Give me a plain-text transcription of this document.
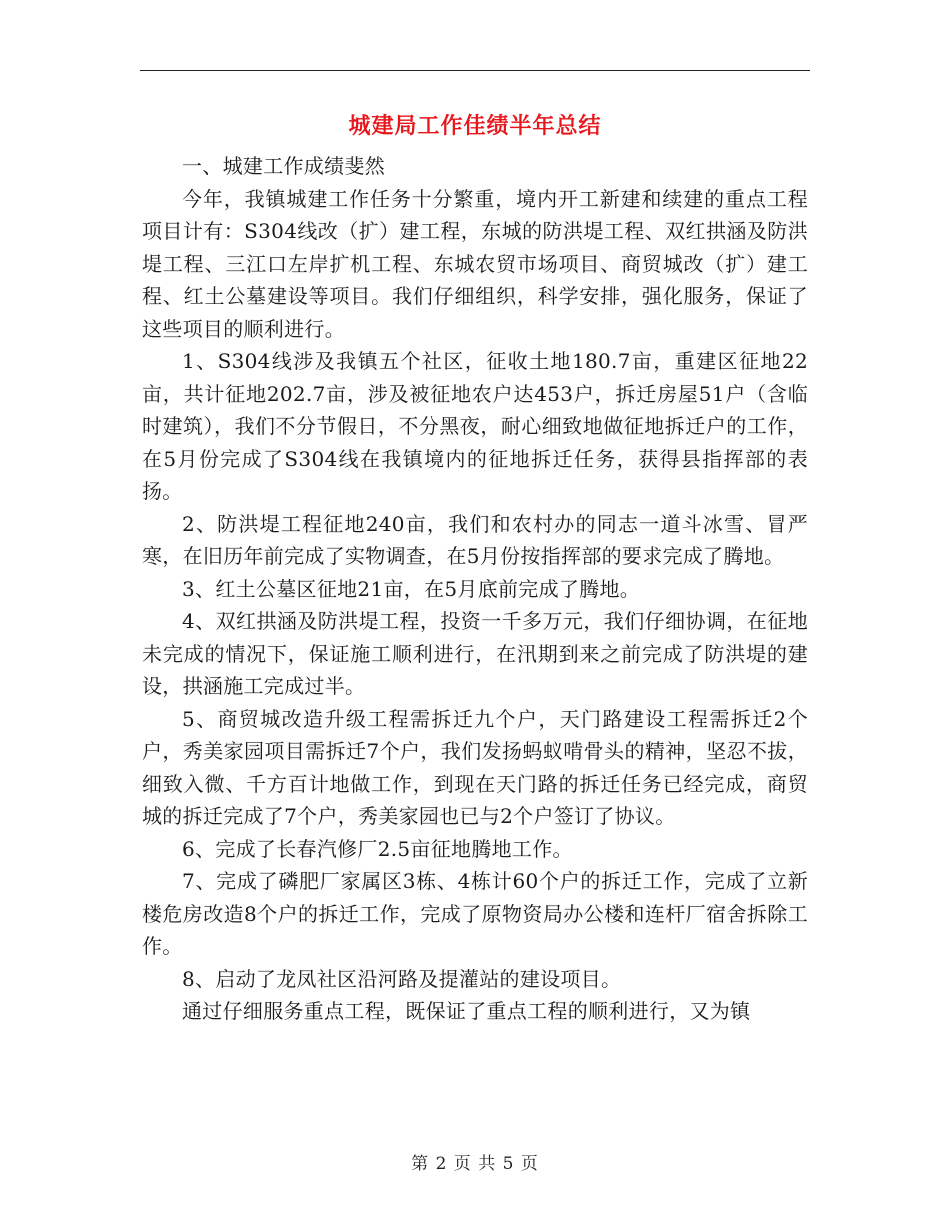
城建局工作佳绩半年总结

一、城建工作成绩斐然

今年，我镇城建工作任务十分繁重，境内开工新建和续建的重点工程项目计有：S304线改（扩）建工程，东城的防洪堤工程、双红拱涵及防洪堤工程、三江口左岸扩机工程、东城农贸市场项目、商贸城改（扩）建工程、红土公墓建设等项目。我们仔细组织，科学安排，强化服务，保证了这些项目的顺利进行。

1、S304线涉及我镇五个社区，征收土地180.7亩，重建区征地22亩，共计征地202.7亩，涉及被征地农户达453户，拆迁房屋51户（含临时建筑），我们不分节假日，不分黑夜，耐心细致地做征地拆迁户的工作，在5月份完成了S304线在我镇境内的征地拆迁任务，获得县指挥部的表扬。

2、防洪堤工程征地240亩，我们和农村办的同志一道斗冰雪、冒严寒，在旧历年前完成了实物调查，在5月份按指挥部的要求完成了腾地。

3、红土公墓区征地21亩，在5月底前完成了腾地。

4、双红拱涵及防洪堤工程，投资一千多万元，我们仔细协调，在征地未完成的情况下，保证施工顺利进行，在汛期到来之前完成了防洪堤的建设，拱涵施工完成过半。

5、商贸城改造升级工程需拆迁九个户，天门路建设工程需拆迁2个户，秀美家园项目需拆迁7个户，我们发扬蚂蚁啃骨头的精神，坚忍不拔，细致入微、千方百计地做工作，到现在天门路的拆迁任务已经完成，商贸城的拆迁完成了7个户，秀美家园也已与2个户签订了协议。

6、完成了长春汽修厂2.5亩征地腾地工作。

7、完成了磷肥厂家属区3栋、4栋计60个户的拆迁工作，完成了立新楼危房改造8个户的拆迁工作，完成了原物资局办公楼和连杆厂宿舍拆除工作。

8、启动了龙凤社区沿河路及提灌站的建设项目。

通过仔细服务重点工程，既保证了重点工程的顺利进行，又为镇

第 2 页 共 5 页
